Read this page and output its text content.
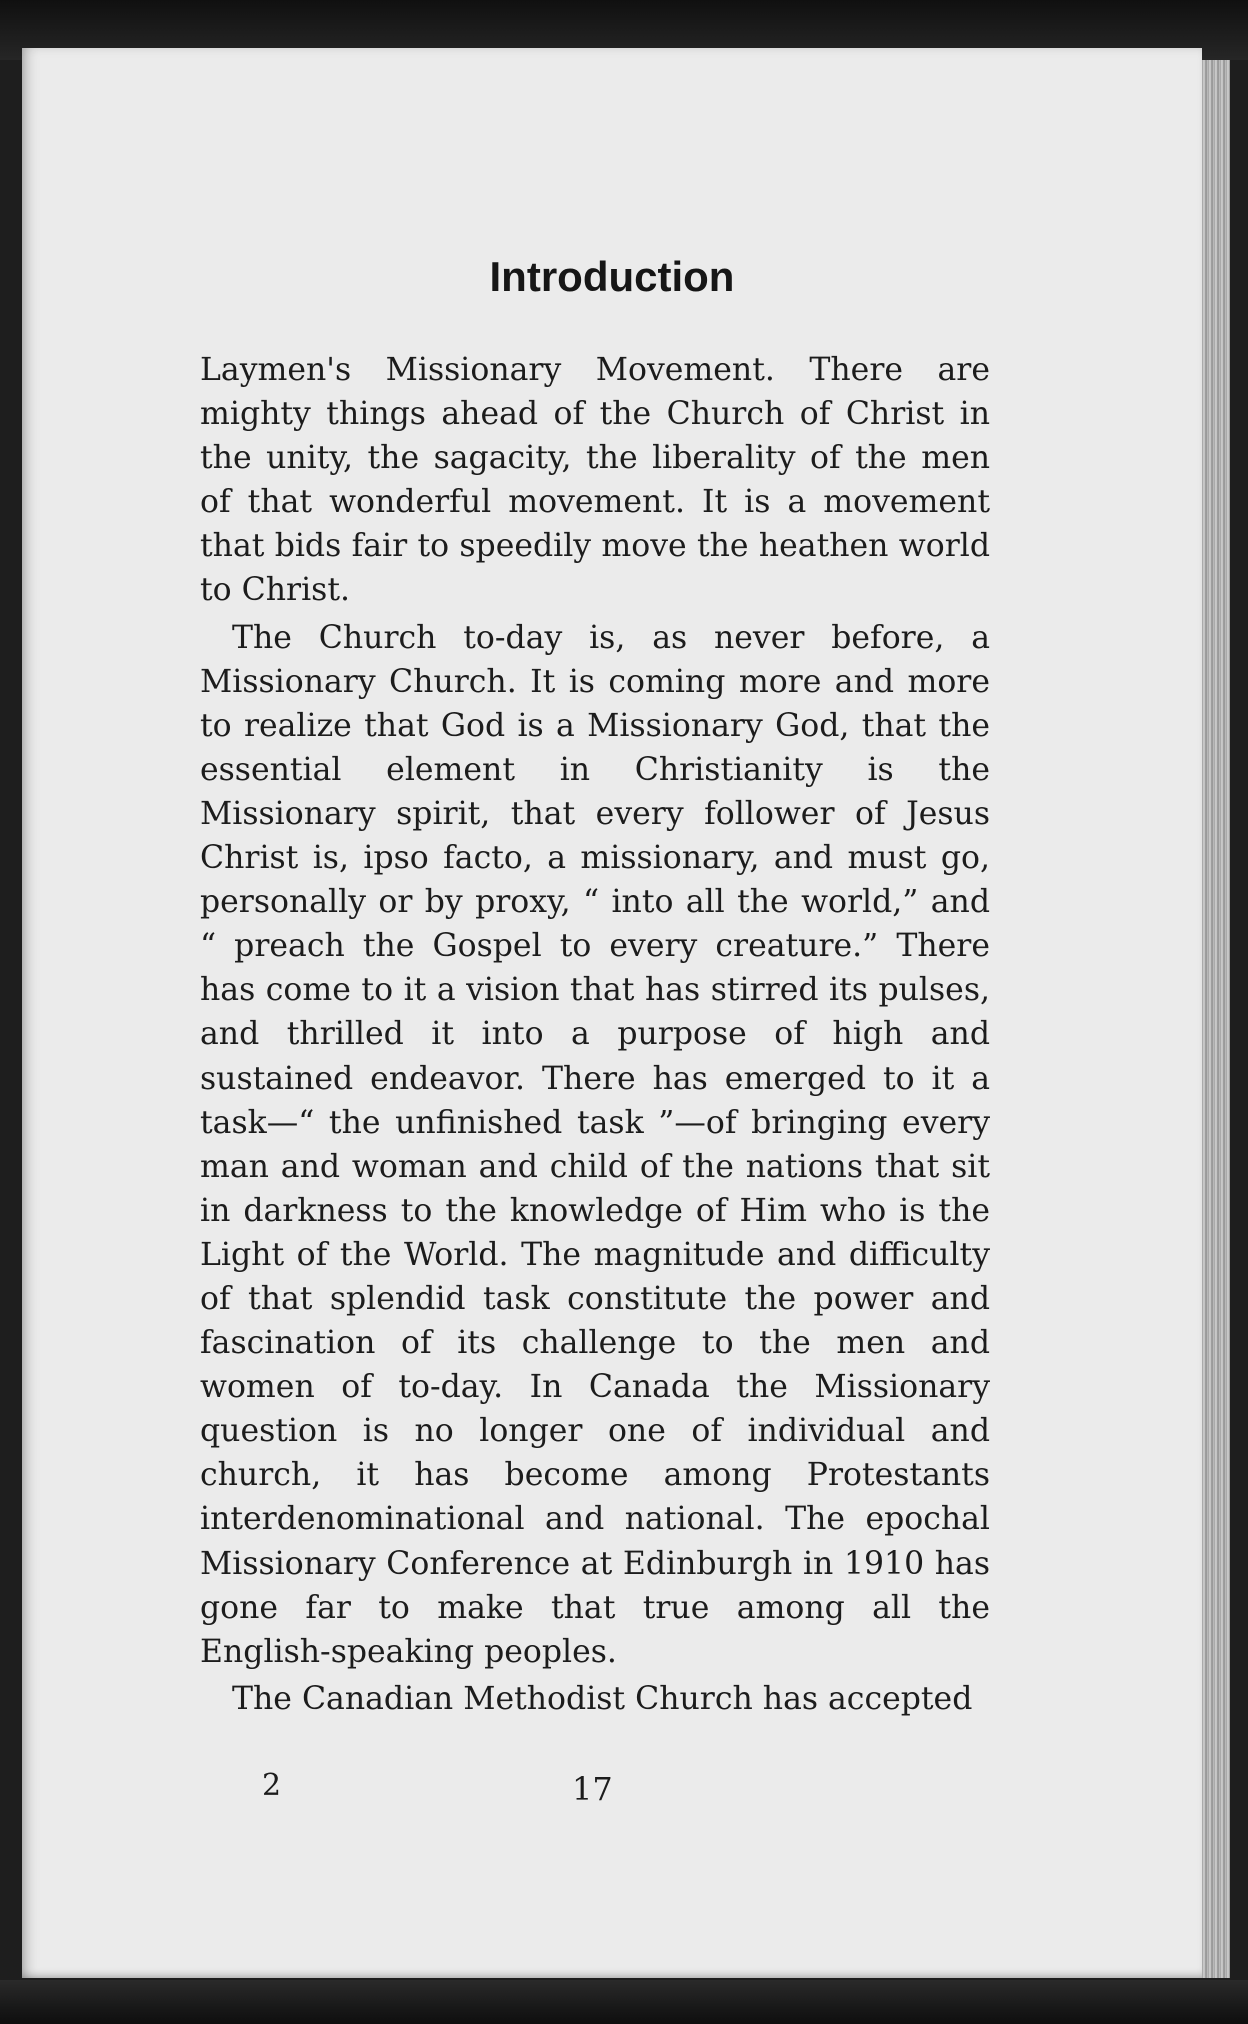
Introduction

Laymen's Missionary Movement. There are mighty things ahead of the Church of Christ in the unity, the sagacity, the liberality of the men of that wonderful movement. It is a movement that bids fair to speedily move the heathen world to Christ.

The Church to-day is, as never before, a Missionary Church. It is coming more and more to realize that God is a Missionary God, that the essential element in Christianity is the Missionary spirit, that every follower of Jesus Christ is, ipso facto, a missionary, and must go, personally or by proxy, “ into all the world,” and “ preach the Gospel to every creature.” There has come to it a vision that has stirred its pulses, and thrilled it into a purpose of high and sustained endeavor. There has emerged to it a task—“ the unfinished task ”—of bringing every man and woman and child of the nations that sit in darkness to the knowledge of Him who is the Light of the World. The magnitude and difficulty of that splendid task constitute the power and fascination of its challenge to the men and women of to-day. In Canada the Missionary question is no longer one of individual and church, it has become among Protestants interdenominational and national. The epochal Missionary Conference at Edinburgh in 1910 has gone far to make that true among all the English-speaking peoples.

The Canadian Methodist Church has accepted

2	17
